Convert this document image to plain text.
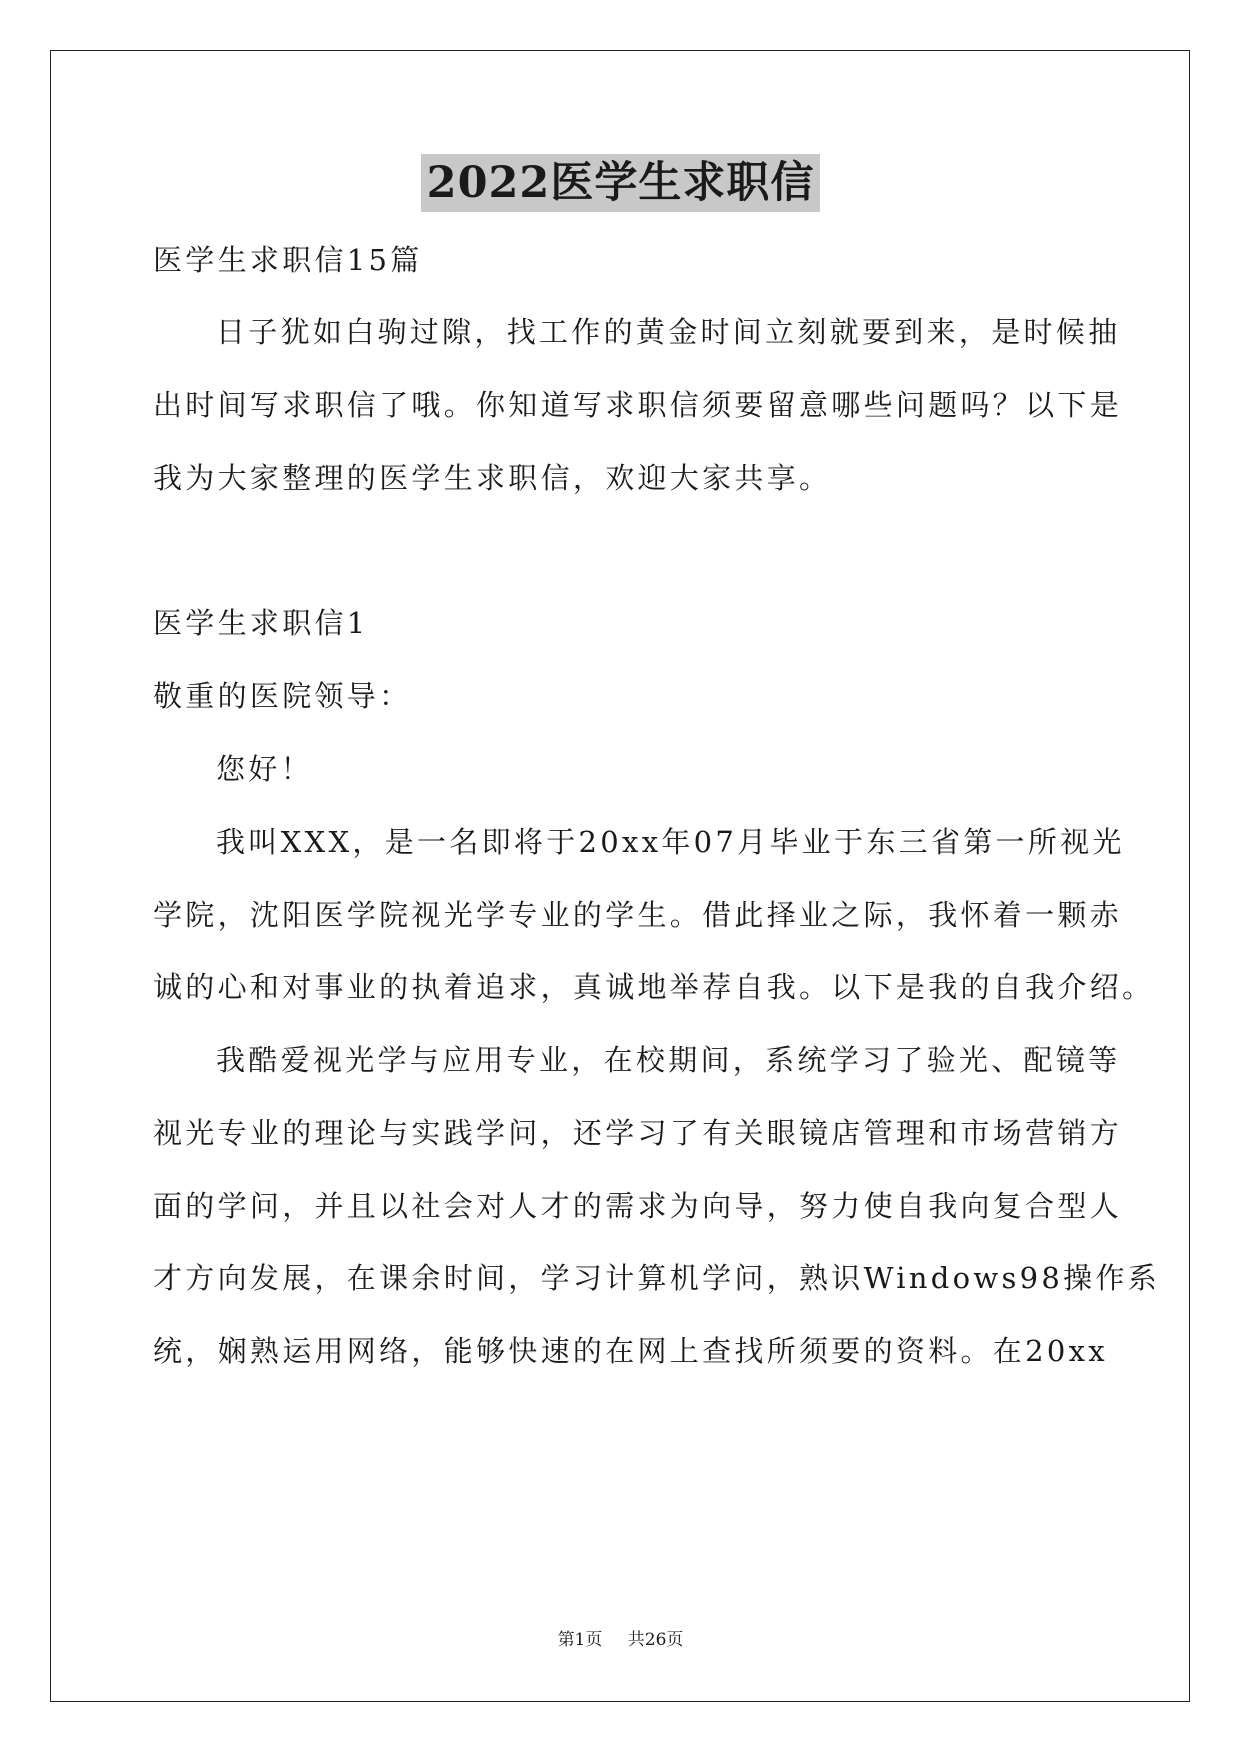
2022医学生求职信
医学生求职信15篇
日子犹如白驹过隙，找工作的黄金时间立刻就要到来，是时候抽
出时间写求职信了哦。你知道写求职信须要留意哪些问题吗？以下是
我为大家整理的医学生求职信，欢迎大家共享。
医学生求职信1
敬重的医院领导：
您好！
我叫XXX，是一名即将于20xx年07月毕业于东三省第一所视光
学院，沈阳医学院视光学专业的学生。借此择业之际，我怀着一颗赤
诚的心和对事业的执着追求，真诚地举荐自我。以下是我的自我介绍。
我酷爱视光学与应用专业，在校期间，系统学习了验光、配镜等
视光专业的理论与实践学问，还学习了有关眼镜店管理和市场营销方
面的学问，并且以社会对人才的需求为向导，努力使自我向复合型人
才方向发展，在课余时间，学习计算机学问，熟识Windows98操作系
统，娴熟运用网络，能够快速的在网上查找所须要的资料。在20xx
第1页 共26页
